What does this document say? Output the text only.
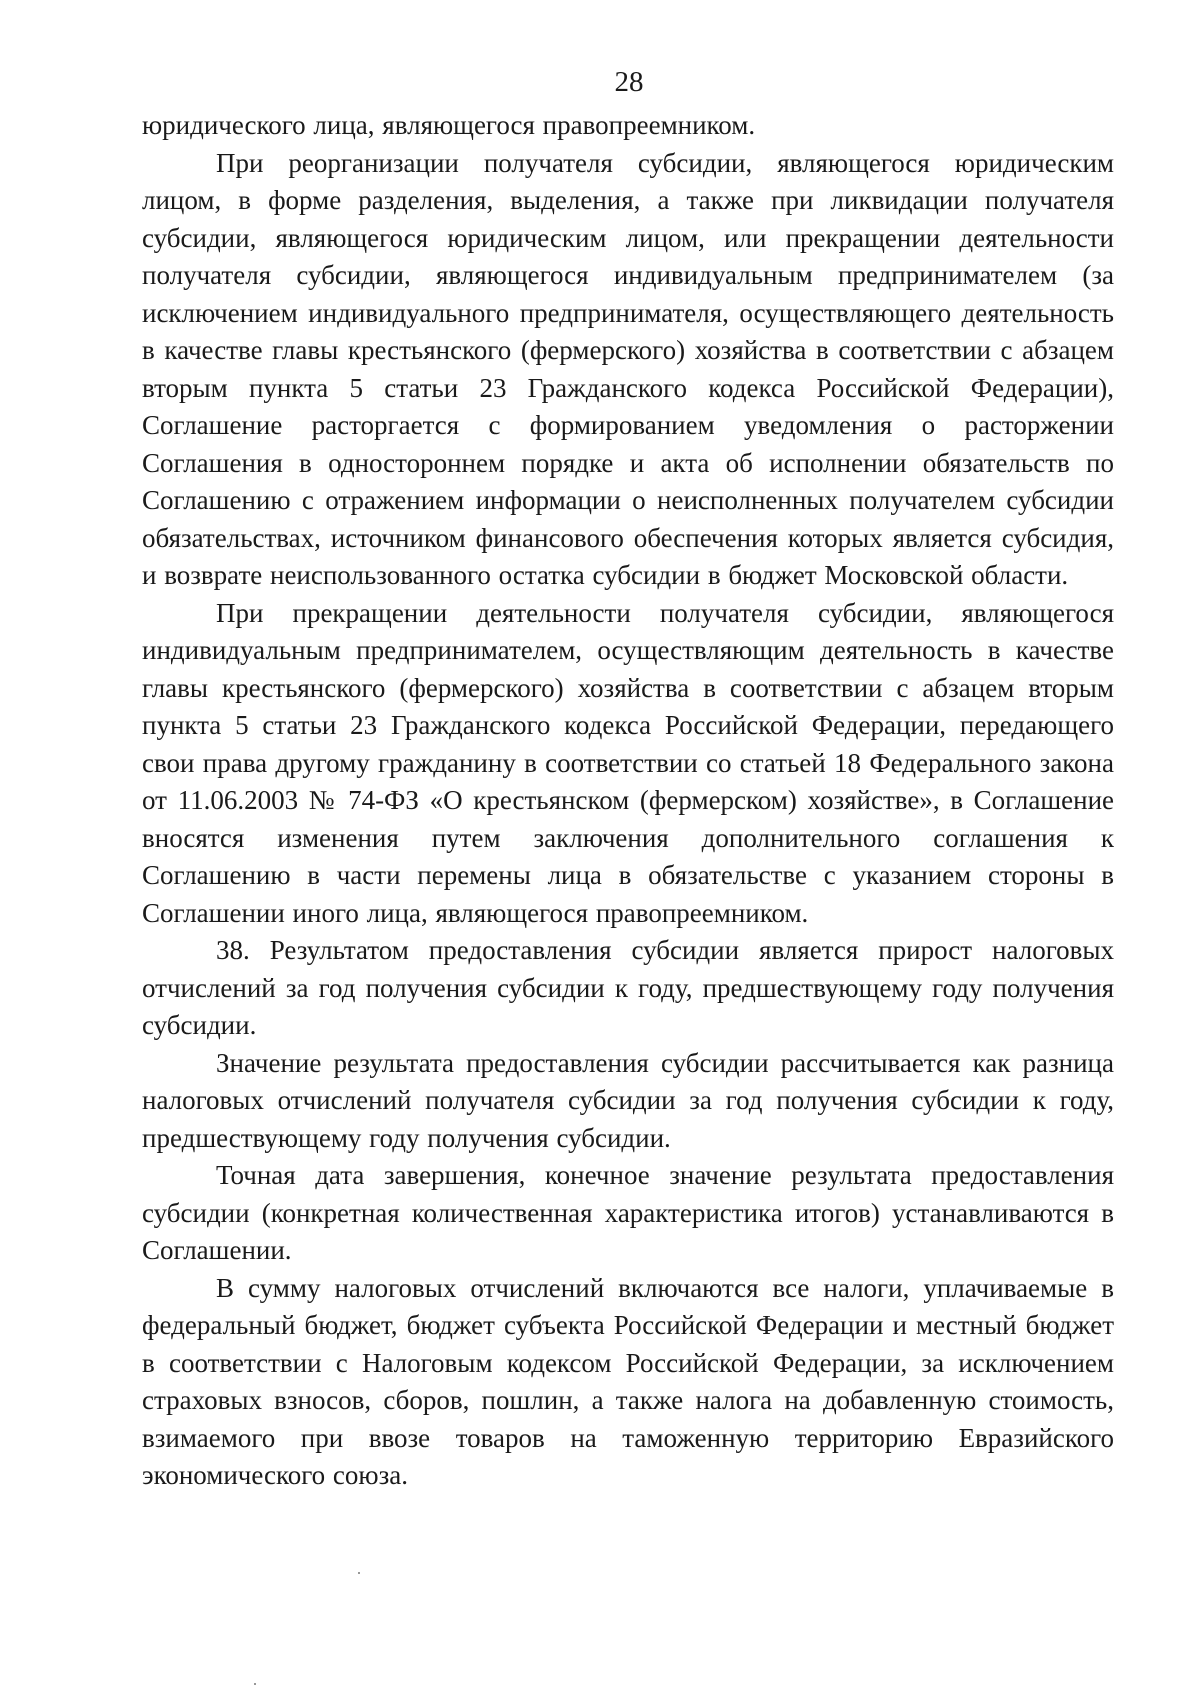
28

юридического лица, являющегося правопреемником.

При реорганизации получателя субсидии, являющегося юридическим лицом, в форме разделения, выделения, а также при ликвидации получателя субсидии, являющегося юридическим лицом, или прекращении деятельности получателя субсидии, являющегося индивидуальным предпринимателем (за исключением индивидуального предпринимателя, осуществляющего деятельность в качестве главы крестьянского (фермерского) хозяйства в соответствии с абзацем вторым пункта 5 статьи 23 Гражданского кодекса Российской Федерации), Соглашение расторгается с формированием уведомления о расторжении Соглашения в одностороннем порядке и акта об исполнении обязательств по Соглашению с отражением информации о неисполненных получателем субсидии обязательствах, источником финансового обеспечения которых является субсидия, и возврате неиспользованного остатка субсидии в бюджет Московской области.

При прекращении деятельности получателя субсидии, являющегося индивидуальным предпринимателем, осуществляющим деятельность в качестве главы крестьянского (фермерского) хозяйства в соответствии с абзацем вторым пункта 5 статьи 23 Гражданского кодекса Российской Федерации, передающего свои права другому гражданину в соответствии со статьей 18 Федерального закона от 11.06.2003 № 74-ФЗ «О крестьянском (фермерском) хозяйстве», в Соглашение вносятся изменения путем заключения дополнительного соглашения к Соглашению в части перемены лица в обязательстве с указанием стороны в Соглашении иного лица, являющегося правопреемником.

38. Результатом предоставления субсидии является прирост налоговых отчислений за год получения субсидии к году, предшествующему году получения субсидии.

Значение результата предоставления субсидии рассчитывается как разница налоговых отчислений получателя субсидии за год получения субсидии к году, предшествующему году получения субсидии.

Точная дата завершения, конечное значение результата предоставления субсидии (конкретная количественная характеристика итогов) устанавливаются в Соглашении.

В сумму налоговых отчислений включаются все налоги, уплачиваемые в федеральный бюджет, бюджет субъекта Российской Федерации и местный бюджет в соответствии с Налоговым кодексом Российской Федерации, за исключением страховых взносов, сборов, пошлин, а также налога на добавленную стоимость, взимаемого при ввозе товаров на таможенную территорию Евразийского экономического союза.
